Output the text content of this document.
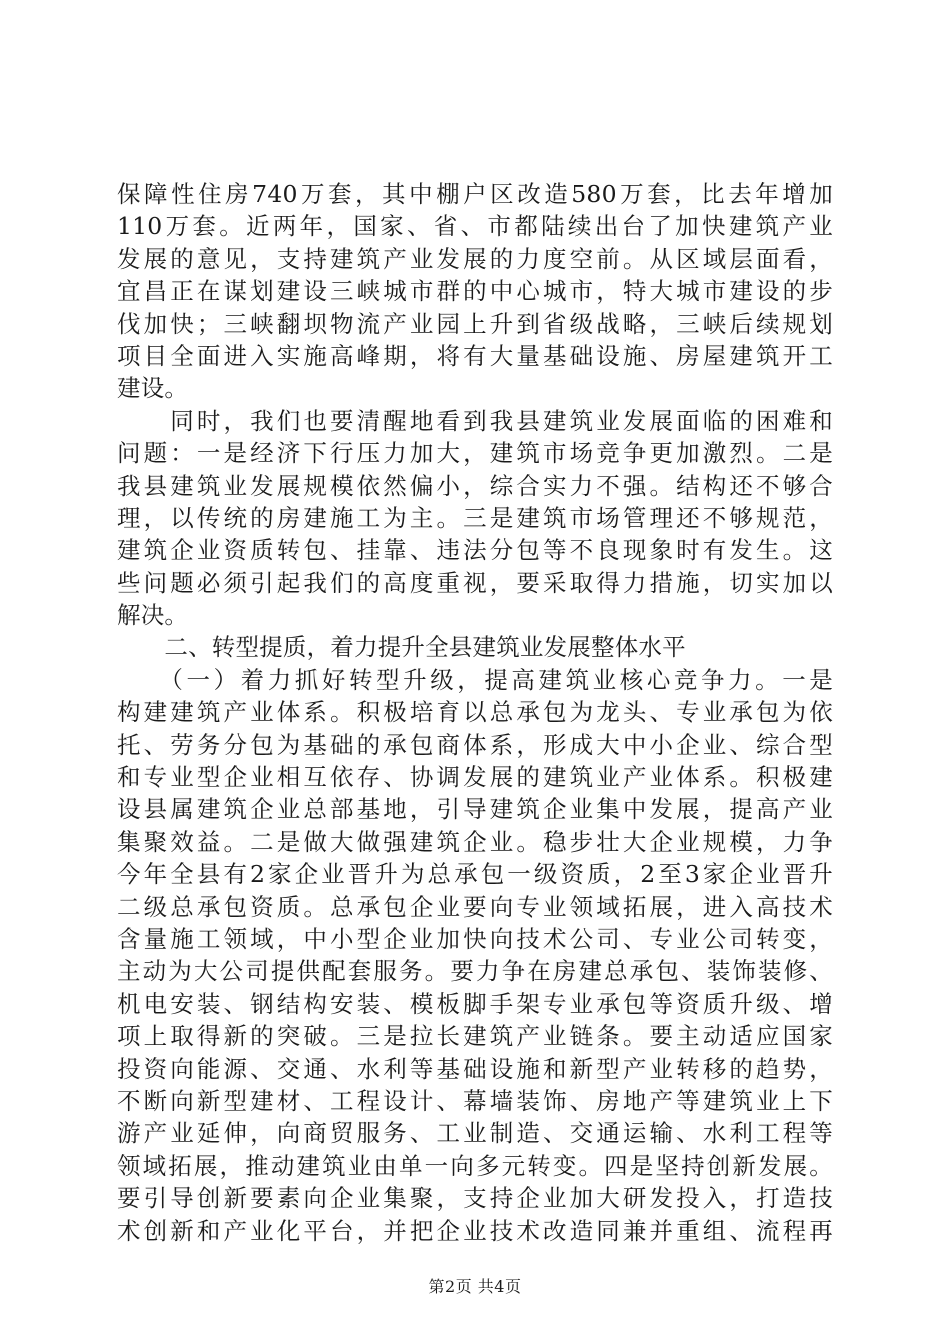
保障性住房740万套，其中棚户区改造580万套，比去年增加
110万套。近两年，国家、省、市都陆续出台了加快建筑产业
发展的意见，支持建筑产业发展的力度空前。从区域层面看，
宜昌正在谋划建设三峡城市群的中心城市，特大城市建设的步
伐加快；三峡翻坝物流产业园上升到省级战略，三峡后续规划
项目全面进入实施高峰期，将有大量基础设施、房屋建筑开工
建设。
　　同时，我们也要清醒地看到我县建筑业发展面临的困难和
问题：一是经济下行压力加大，建筑市场竞争更加激烈。二是
我县建筑业发展规模依然偏小，综合实力不强。结构还不够合
理，以传统的房建施工为主。三是建筑市场管理还不够规范，
建筑企业资质转包、挂靠、违法分包等不良现象时有发生。这
些问题必须引起我们的高度重视，要采取得力措施，切实加以
解决。
　　二、转型提质，着力提升全县建筑业发展整体水平
　　（一）着力抓好转型升级，提高建筑业核心竞争力。一是
构建建筑产业体系。积极培育以总承包为龙头、专业承包为依
托、劳务分包为基础的承包商体系，形成大中小企业、综合型
和专业型企业相互依存、协调发展的建筑业产业体系。积极建
设县属建筑企业总部基地，引导建筑企业集中发展，提高产业
集聚效益。二是做大做强建筑企业。稳步壮大企业规模，力争
今年全县有2家企业晋升为总承包一级资质，2至3家企业晋升
二级总承包资质。总承包企业要向专业领域拓展，进入高技术
含量施工领域，中小型企业加快向技术公司、专业公司转变，
主动为大公司提供配套服务。要力争在房建总承包、装饰装修、
机电安装、钢结构安装、模板脚手架专业承包等资质升级、增
项上取得新的突破。三是拉长建筑产业链条。要主动适应国家
投资向能源、交通、水利等基础设施和新型产业转移的趋势，
不断向新型建材、工程设计、幕墙装饰、房地产等建筑业上下
游产业延伸，向商贸服务、工业制造、交通运输、水利工程等
领域拓展，推动建筑业由单一向多元转变。四是坚持创新发展。
要引导创新要素向企业集聚，支持企业加大研发投入，打造技
术创新和产业化平台，并把企业技术改造同兼并重组、流程再
第2页 共4页
